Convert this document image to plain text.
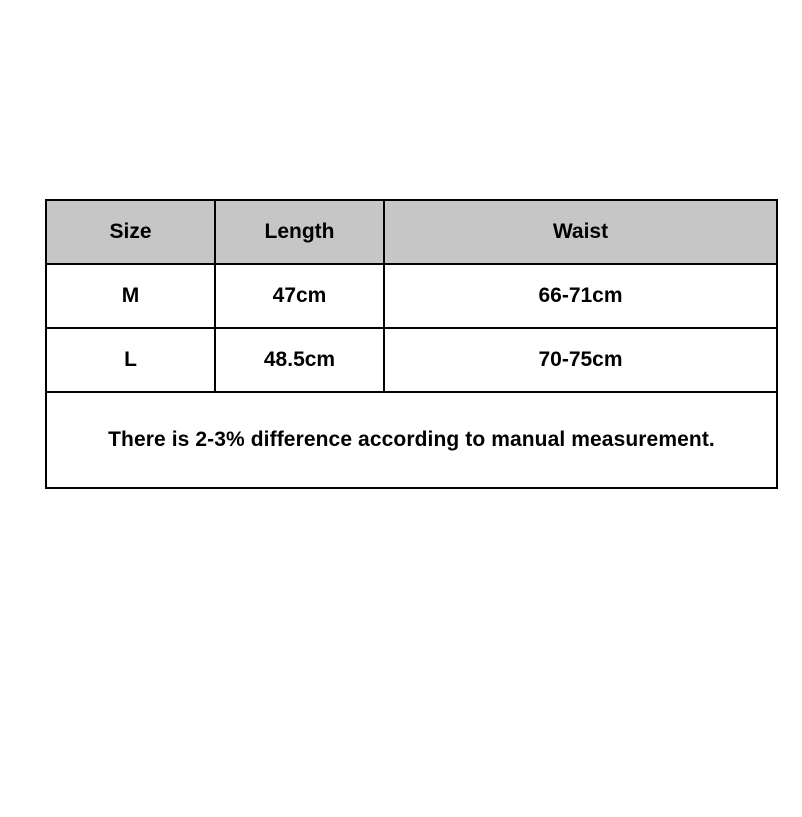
Size	Length	Waist
M	47cm	66-71cm
L	48.5cm	70-75cm
There is 2-3% difference according to manual measurement.		
